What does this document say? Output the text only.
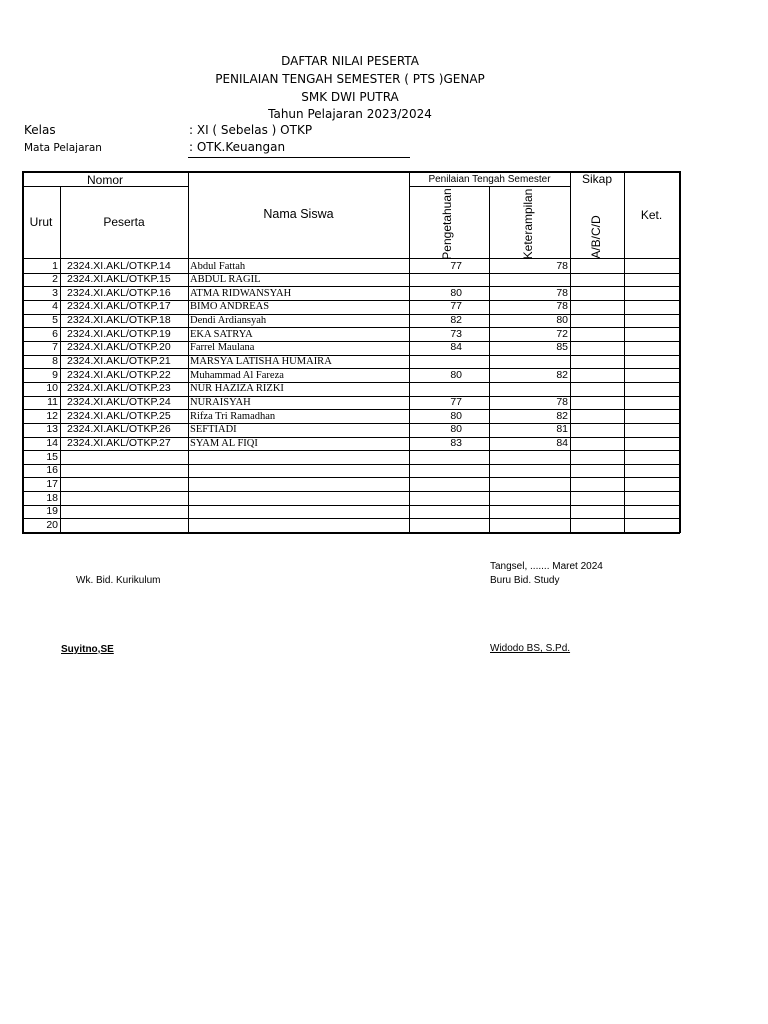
DAFTAR NILAI PESERTA
PENILAIAN TENGAH SEMESTER ( PTS )GENAP
SMK DWI PUTRA
Tahun Pelajaran 2023/2024
Kelas	: XI ( Sebelas ) OTKP
Mata Pelajaran	: OTK.Keuangan
Nomor
Urut	Peserta
Nama Siswa
Penilaian Tengah Semester
Pengetahuan	Keterampilan
Sikap
A/B/C/D
Ket.
1 2324.XI.AKL/OTKP.14	Abdul Fattah	77	78
2 2324.XI.AKL/OTKP.15	ABDUL RAGIL
3 2324.XI.AKL/OTKP.16	ATMA RIDWANSYAH	80	78
4 2324.XI.AKL/OTKP.17	BIMO ANDREAS	77	78
5 2324.XI.AKL/OTKP.18	Dendi Ardiansyah	82	80
6 2324.XI.AKL/OTKP.19	EKA SATRYA	73	72
7 2324.XI.AKL/OTKP.20	Farrel Maulana	84	85
8 2324.XI.AKL/OTKP.21	MARSYA LATISHA HUMAIRA
9 2324.XI.AKL/OTKP.22	Muhammad Al Fareza	80	82
10 2324.XI.AKL/OTKP.23	NUR HAZIZA RIZKI
11 2324.XI.AKL/OTKP.24	NURAISYAH	77	78
12 2324.XI.AKL/OTKP.25	Rifza Tri Ramadhan	80	82
13 2324.XI.AKL/OTKP.26	SEFTIADI	80	81
14 2324.XI.AKL/OTKP.27	SYAM AL FIQI	83	84
15
16
17
18
19
20
Wk. Bid. Kurikulum
Suyitno,SE
Tangsel, ....... Maret 2024
Buru Bid. Study
Widodo BS, S.Pd.
